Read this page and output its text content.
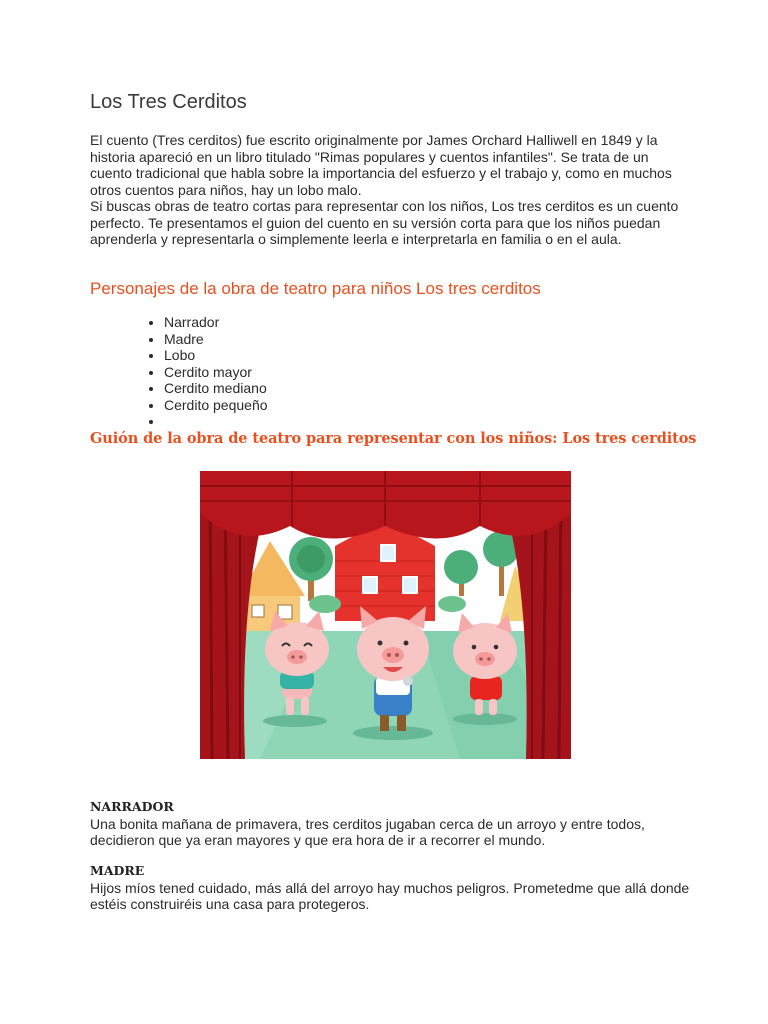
Los Tres Cerditos

El cuento (Tres cerditos) fue escrito originalmente por James Orchard Halliwell en 1849 y la historia apareció en un libro titulado "Rimas populares y cuentos infantiles". Se trata de un cuento tradicional que habla sobre la importancia del esfuerzo y el trabajo y, como en muchos otros cuentos para niños, hay un lobo malo.

Si buscas obras de teatro cortas para representar con los niños, Los tres cerditos es un cuento perfecto. Te presentamos el guion del cuento en su versión corta para que los niños puedan aprenderla y representarla o simplemente leerla e interpretarla en familia o en el aula.

Personajes de la obra de teatro para niños Los tres cerditos
• Narrador
• Madre
• Lobo
• Cerdito mayor
• Cerdito mediano
• Cerdito pequeño
•
Guión de la obra de teatro para representar con los niños: Los tres cerditos

NARRADOR

Una bonita mañana de primavera, tres cerditos jugaban cerca de un arroyo y entre todos, decidieron que ya eran mayores y que era hora de ir a recorrer el mundo.

MADRE

Hijos míos tened cuidado, más allá del arroyo hay muchos peligros. Prometedme que allá donde estéis construiréis una casa para protegeros.
